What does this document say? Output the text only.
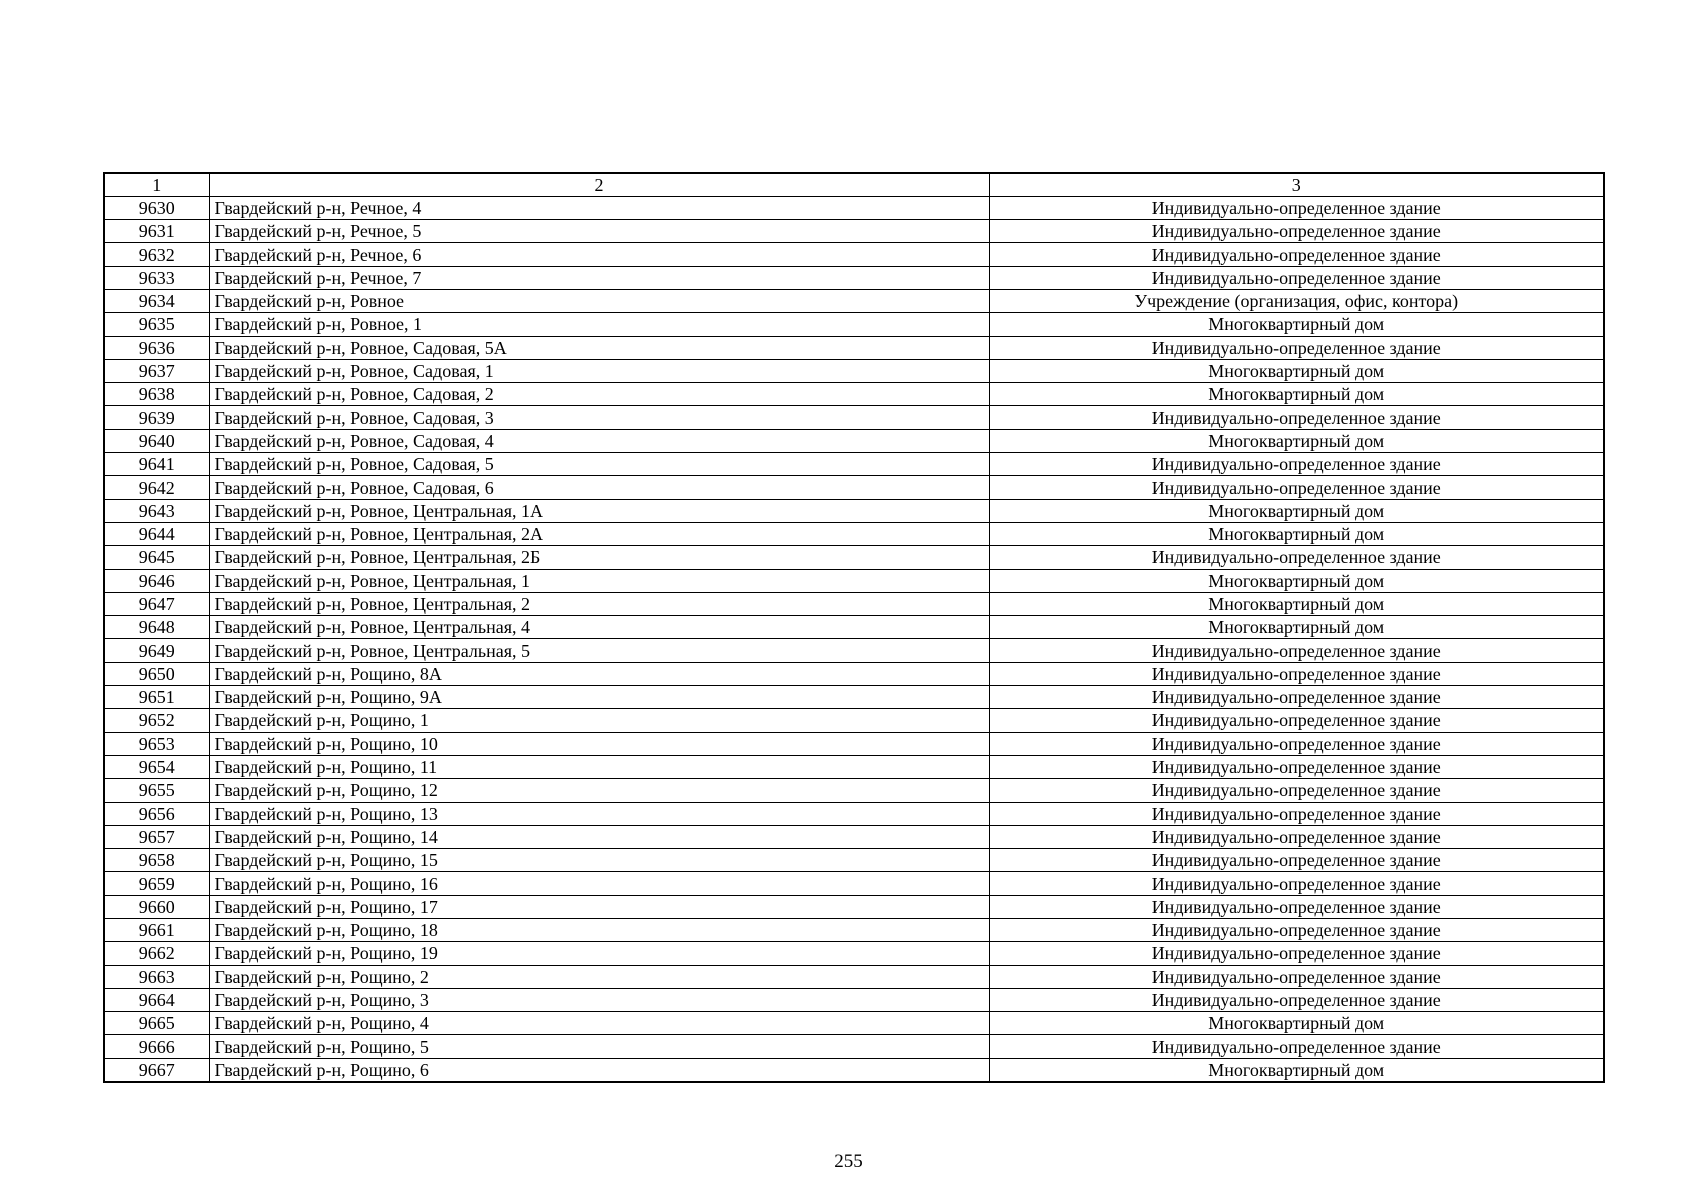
1	2	3
9630	Гвардейский р-н, Речное, 4	Индивидуально-определенное здание
9631	Гвардейский р-н, Речное, 5	Индивидуально-определенное здание
9632	Гвардейский р-н, Речное, 6	Индивидуально-определенное здание
9633	Гвардейский р-н, Речное, 7	Индивидуально-определенное здание
9634	Гвардейский р-н, Ровное	Учреждение (организация, офис, контора)
9635	Гвардейский р-н, Ровное, 1	Многоквартирный дом
9636	Гвардейский р-н, Ровное, Садовая, 5А	Индивидуально-определенное здание
9637	Гвардейский р-н, Ровное, Садовая, 1	Многоквартирный дом
9638	Гвардейский р-н, Ровное, Садовая, 2	Многоквартирный дом
9639	Гвардейский р-н, Ровное, Садовая, 3	Индивидуально-определенное здание
9640	Гвардейский р-н, Ровное, Садовая, 4	Многоквартирный дом
9641	Гвардейский р-н, Ровное, Садовая, 5	Индивидуально-определенное здание
9642	Гвардейский р-н, Ровное, Садовая, 6	Индивидуально-определенное здание
9643	Гвардейский р-н, Ровное, Центральная, 1А	Многоквартирный дом
9644	Гвардейский р-н, Ровное, Центральная, 2А	Многоквартирный дом
9645	Гвардейский р-н, Ровное, Центральная, 2Б	Индивидуально-определенное здание
9646	Гвардейский р-н, Ровное, Центральная, 1	Многоквартирный дом
9647	Гвардейский р-н, Ровное, Центральная, 2	Многоквартирный дом
9648	Гвардейский р-н, Ровное, Центральная, 4	Многоквартирный дом
9649	Гвардейский р-н, Ровное, Центральная, 5	Индивидуально-определенное здание
9650	Гвардейский р-н, Рощино, 8А	Индивидуально-определенное здание
9651	Гвардейский р-н, Рощино, 9А	Индивидуально-определенное здание
9652	Гвардейский р-н, Рощино, 1	Индивидуально-определенное здание
9653	Гвардейский р-н, Рощино, 10	Индивидуально-определенное здание
9654	Гвардейский р-н, Рощино, 11	Индивидуально-определенное здание
9655	Гвардейский р-н, Рощино, 12	Индивидуально-определенное здание
9656	Гвардейский р-н, Рощино, 13	Индивидуально-определенное здание
9657	Гвардейский р-н, Рощино, 14	Индивидуально-определенное здание
9658	Гвардейский р-н, Рощино, 15	Индивидуально-определенное здание
9659	Гвардейский р-н, Рощино, 16	Индивидуально-определенное здание
9660	Гвардейский р-н, Рощино, 17	Индивидуально-определенное здание
9661	Гвардейский р-н, Рощино, 18	Индивидуально-определенное здание
9662	Гвардейский р-н, Рощино, 19	Индивидуально-определенное здание
9663	Гвардейский р-н, Рощино, 2	Индивидуально-определенное здание
9664	Гвардейский р-н, Рощино, 3	Индивидуально-определенное здание
9665	Гвардейский р-н, Рощино, 4	Многоквартирный дом
9666	Гвардейский р-н, Рощино, 5	Индивидуально-определенное здание
9667	Гвардейский р-н, Рощино, 6	Многоквартирный дом
255
